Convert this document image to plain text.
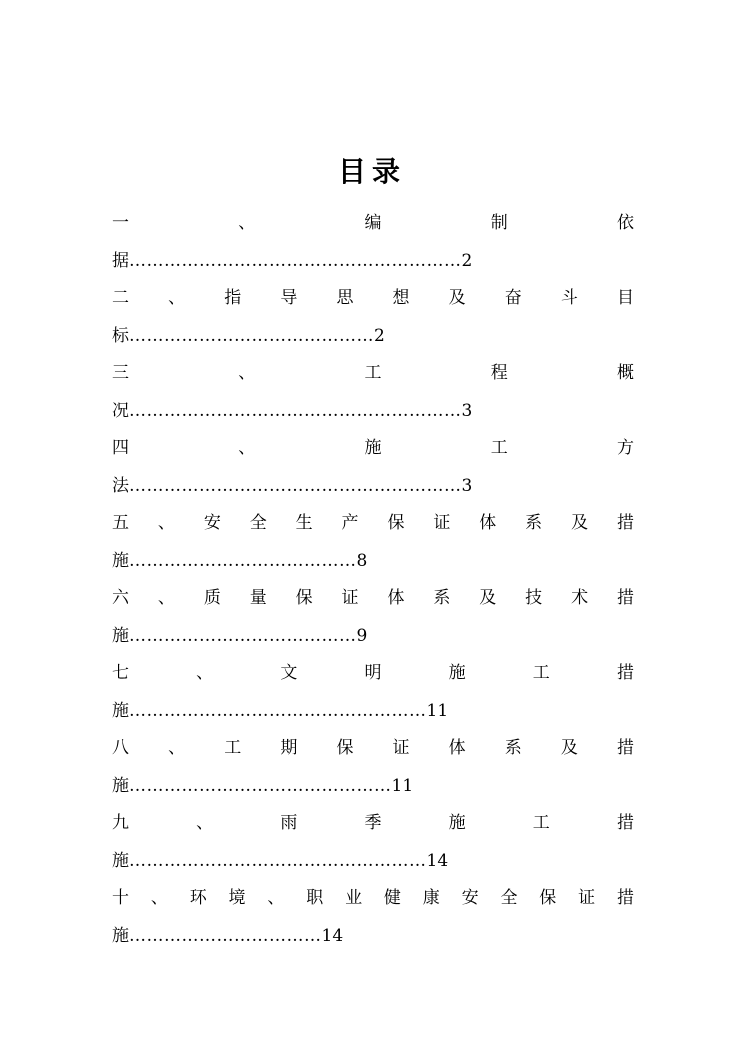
目录
一	、	编	制	依
据…………………………………………………2
二 、 指 导 思 想 及 奋 斗 目
标……………………………………2
三	、	工	程	概
况…………………………………………………3
四	、	施	工	方
法…………………………………………………3
五 、 安 全 生 产 保 证 体 系 及 措
施…………………………………8
六 、 质 量 保 证 体 系 及 技 术 措
施…………………………………9
七	、	文	明	施	工	措
施……………………………………………11
八 、 工 期 保 证 体 系 及 措
施………………………………………11
九	、	雨	季	施	工	措
施……………………………………………14
十 、 环 境 、 职 业 健 康 安 全 保 证 措
施……………………………14
